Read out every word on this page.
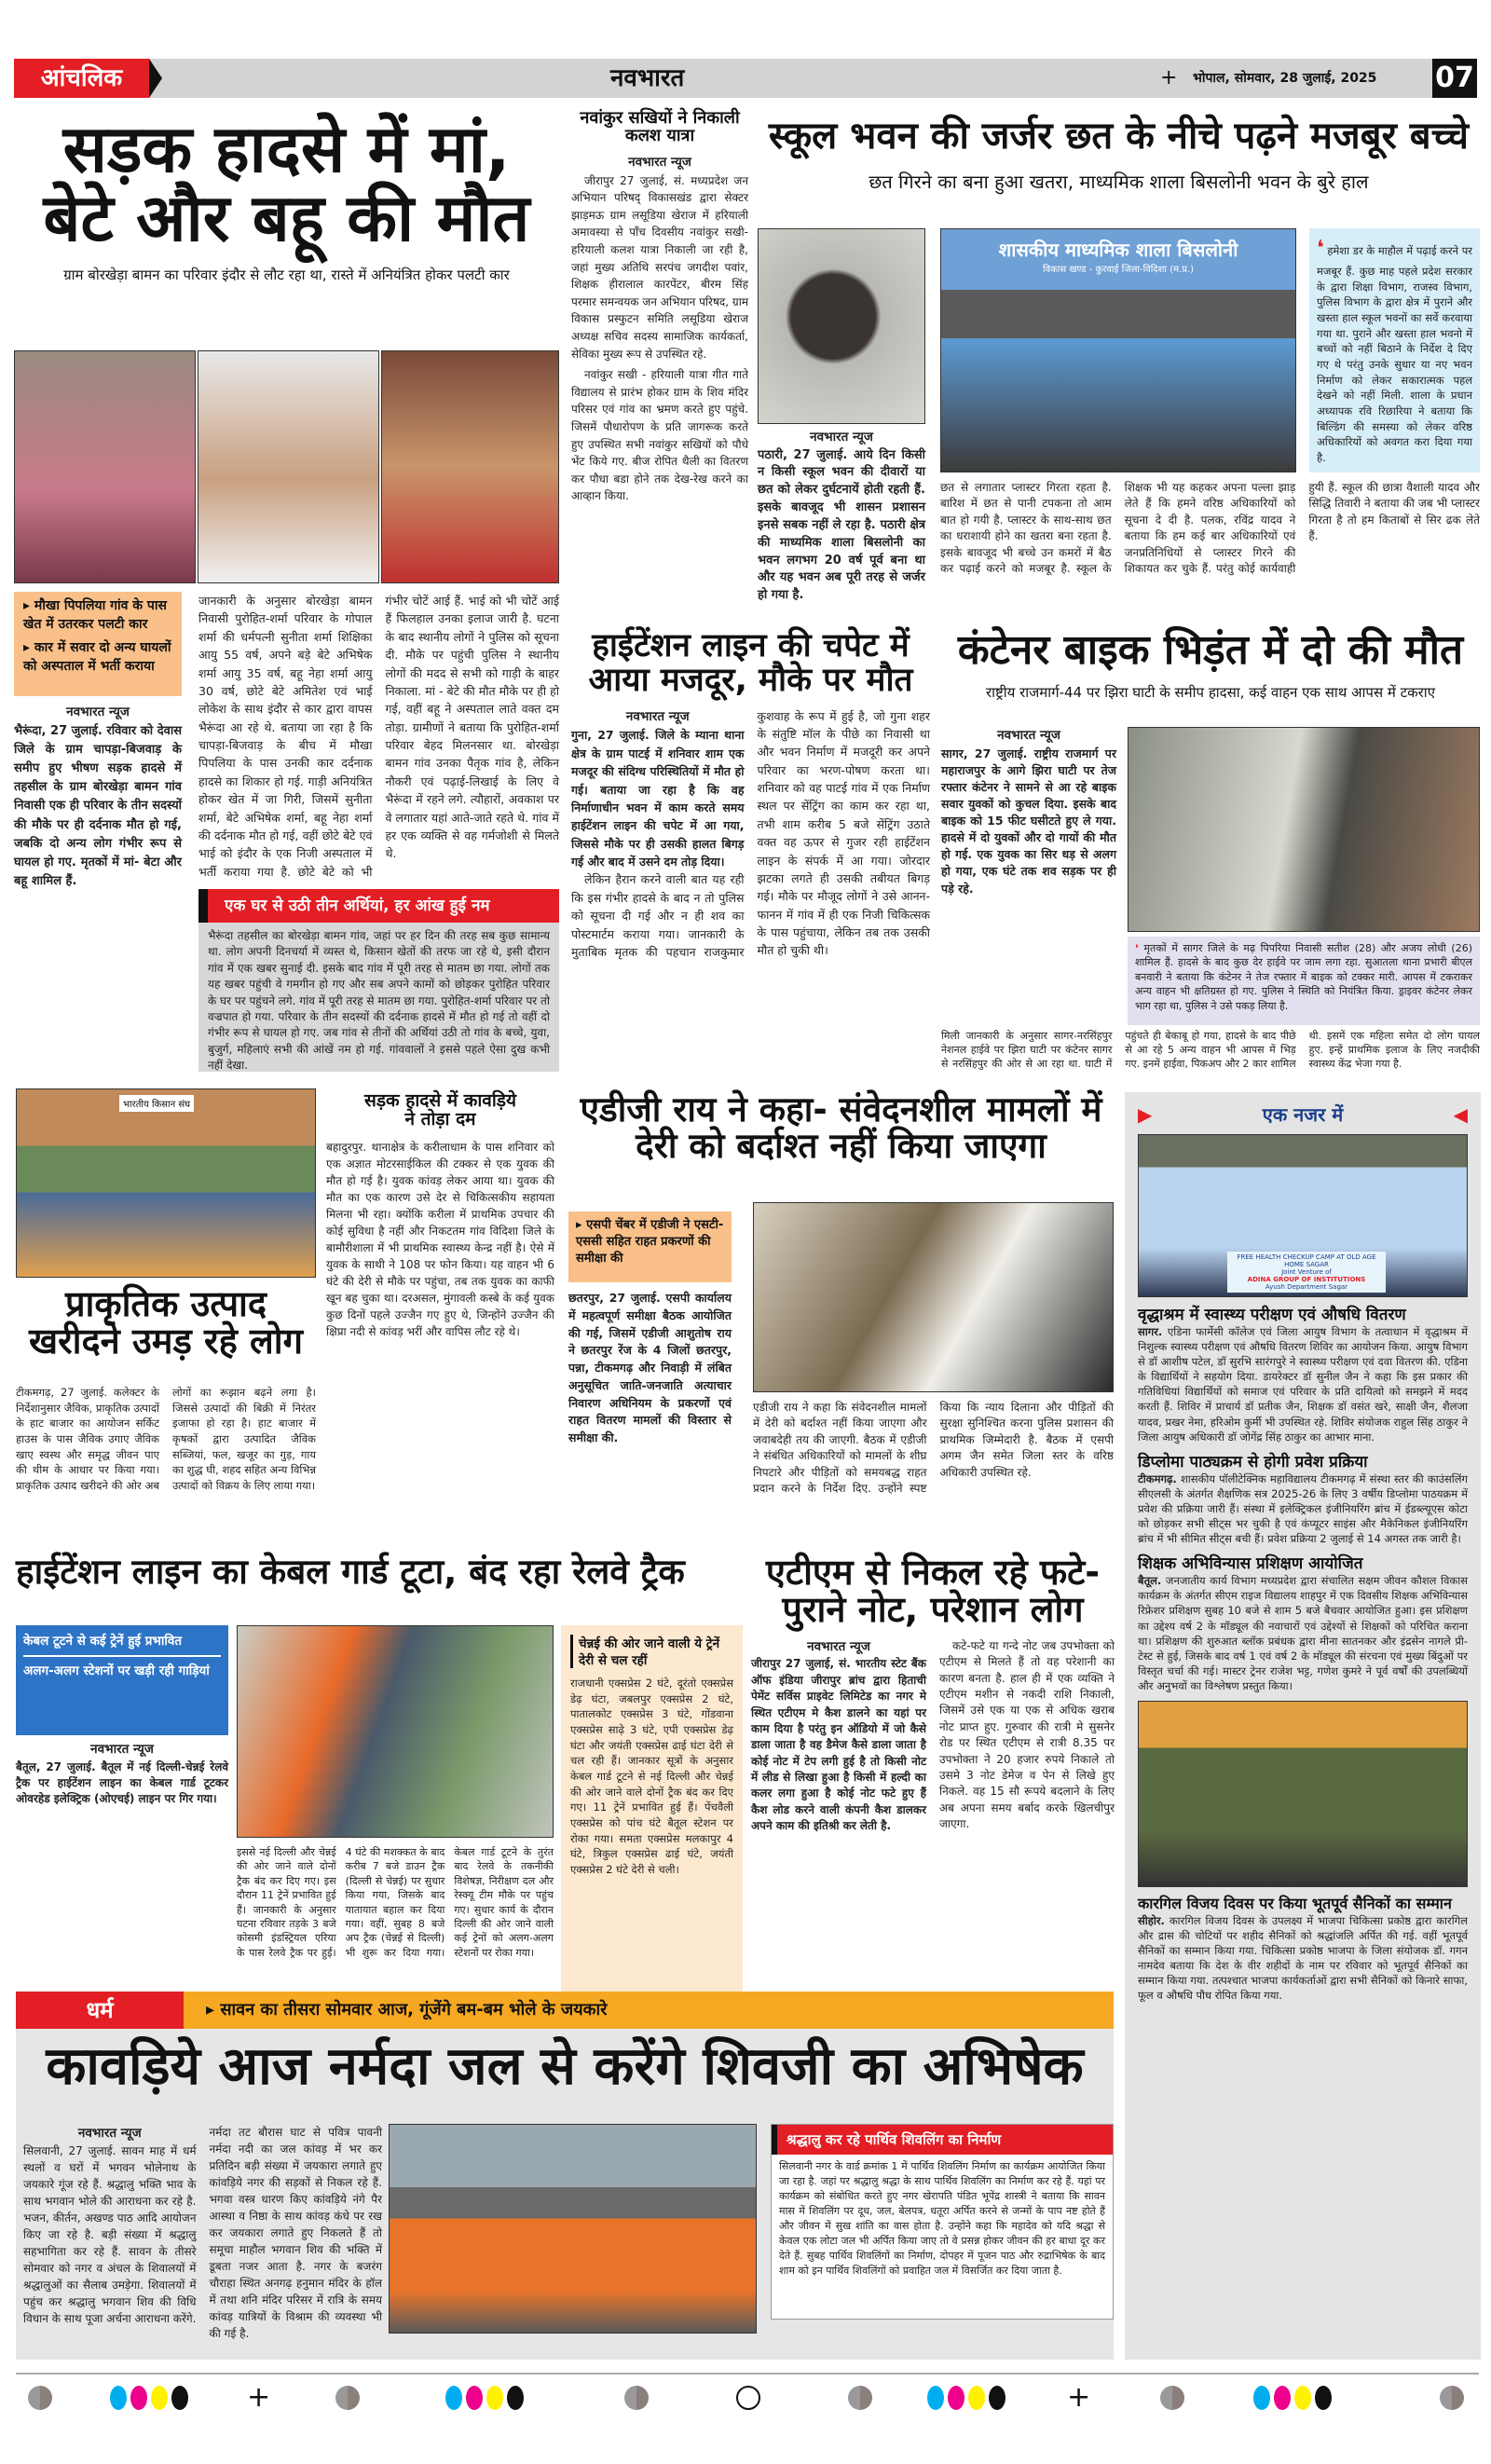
आंचलिक	नवभारत	+ भोपाल, सोमवार, 28 जुलाई, 2025 07
सड़क हादसे में मां,
बेटे और बहू की मौत
ग्राम बोरखेड़ा बामन का परिवार इंदौर से लौट रहा था, रास्ते में अनियंत्रित होकर पलटी कार
▸ मौखा पिपलिया गांव के पास खेत में उतरकर पलटी कार
▸ कार में सवार दो अन्य घायलों को अस्पताल में भर्ती कराया
नवभारत न्यूज
भैरूंदा, 27 जुलाई. रविवार को देवास जिले के ग्राम चापड़ा-बिजवाड़ के समीप हुए भीषण सड़क हादसे में तहसील के ग्राम बोरखेड़ा बामन गांव निवासी एक ही परिवार के तीन सदस्यों की मौके पर ही दर्दनाक मौत हो गई, जबकि दो अन्य लोग गंभीर रूप से घायल हो गए. मृतकों में मां- बेटा और बहू शामिल हैं.
जानकारी के अनुसार बोरखेड़ा बामन निवासी पुरोहित-शर्मा परिवार के गोपाल शर्मा की धर्मपत्नी सुनीता शर्मा शिक्षिका आयु 55 वर्ष, अपने बड़े बेटे अभिषेक शर्मा आयु 35 वर्ष, बहू नेहा शर्मा आयु 30 वर्ष, छोटे बेटे अमितेश एवं भाई लोकेश के साथ इंदौर से कार द्वारा वापस भैरूंदा आ रहे थे. बताया जा रहा है कि चापड़ा-बिजवाड़ के बीच में मौखा पिपलिया के पास उनकी कार दर्दनाक हादसे का शिकार हो गई. गाड़ी अनियंत्रित होकर खेत में जा गिरी, जिसमें सुनीता शर्मा, बेटे अभिषेक शर्मा, बहू नेहा शर्मा की दर्दनाक मौत हो गई, वहीं छोटे बेटे एवं भाई को इंदौर के एक निजी अस्पताल में भर्ती कराया गया है. छोटे बेटे को भी गंभीर चोटें आई हैं. भाई को भी चोटें आई हैं फिलहाल उनका इलाज जारी है. घटना के बाद स्थानीय लोगों ने पुलिस को सूचना दी. मौके पर पहुंची पुलिस ने स्थानीय लोगों की मदद से सभी को गाड़ी के बाहर निकाला. मां - बेटे की मौत मौके पर ही हो गई, वहीं बहू ने अस्पताल लाते वक्त दम तोड़ा. ग्रामीणों ने बताया कि पुरोहित-शर्मा परिवार बेहद मिलनसार था. बोरखेड़ा बामन गांव उनका पैतृक गांव है, लेकिन नौकरी एवं पढ़ाई-लिखाई के लिए वे भैरूंदा में रहने लगे. त्यौहारों, अवकाश पर वे लगातार यहां आते-जाते रहते थे. गांव में हर एक व्यक्ति से वह गर्मजोशी से मिलते थे.
एक घर से उठी तीन अर्थियां, हर आंख हुई नम
भैरूंदा तहसील का बोरखेड़ा बामन गांव, जहां पर हर दिन की तरह सब कुछ सामान्य था. लोग अपनी दिनचर्या में व्यस्त थे, किसान खेतों की तरफ जा रहे थे, इसी दौरान गांव में एक खबर सुनाई दी. इसके बाद गांव में पूरी तरह से मातम छा गया. लोगों तक यह खबर पहुंची वे गमगीन हो गए और सब अपने कामों को छोड़कर पुरोहित परिवार के घर पर पहुंचने लगे. गांव में पूरी तरह से मातम छा गया. पुरोहित-शर्मा परिवार पर तो वज्रपात हो गया. परिवार के तीन सदस्यों की दर्दनाक हादसे में मौत हो गई तो वहीं दो गंभीर रूप से घायल हो गए. जब गांव से तीनों की अर्थियां उठी तो गांव के बच्चे, युवा, बुजुर्ग, महिलाएं सभी की आंखें नम हो गई. गांववालों ने इससे पहले ऐसा दुख कभी नहीं देखा.
नवांकुर सखियों ने निकाली कलश यात्रा
नवभारत न्यूज

जीरापुर 27 जुलाई, सं. मध्यप्रदेश जन अभियान परिषद् विकासखंड द्वारा सेक्टर झाड़मऊ ग्राम लसूडिया खेराज में हरियाली अमावस्या से पाँच दिवसीय नवांकुर सखी- हरियाली कलश यात्रा निकाली जा रही है, जहां मुख्य अतिथि सरपंच जगदीश पवांर, शिक्षक हीरालाल कारपेंटर, बीरम सिंह परमार समन्वयक जन अभियान परिषद, ग्राम विकास प्रस्फुटन समिति लसूडिया खेराज अध्यक्ष सचिव सदस्य सामाजिक कार्यकर्ता, सेविका मुख्य रूप से उपस्थित रहे.

नवांकुर सखी - हरियाली यात्रा गीत गाते विद्यालय से प्रारंभ होकर ग्राम के शिव मंदिर परिसर एवं गांव का भ्रमण करते हुए पहुंचे. जिसमें पौधारोपण के प्रति जागरूक करते हुए उपस्थित सभी नवांकुर सखियों को पौधे भेंट किये गए. बीज रोपित थैली का वितरण कर पौधा बडा होने तक देख-रेख करने का आव्हान किया.

स्कूल भवन की जर्जर छत के नीचे पढ़ने मजबूर बच्चे
छत गिरने का बना हुआ खतरा, माध्यमिक शाला बिसलोनी भवन के बुरे हाल
शासकीय माध्यमिक शाला बिसलोनी
विकास खण्ड - कुरवाई जिला-विदिशा (म.प्र.)
❛ हमेशा डर के माहौल में पढ़ाई करने पर मजबूर हैं. कुछ माह पहले प्रदेश सरकार के द्वारा शिक्षा विभाग, राजस्व विभाग, पुलिस विभाग के द्वारा क्षेत्र में पुराने और खस्ता हाल स्कूल भवनों का सर्वे करवाया गया था. पुराने और खस्ता हाल भवनो में बच्चों को नहीं बिठाने के निर्देश दे दिए गए थे परंतु उनके सुधार या नए भवन निर्माण को लेकर सकारात्मक पहल देखने को नहीं मिली. शाला के प्रधान अध्यापक रवि रिछारिया ने बताया कि बिल्डिंग की समस्या को लेकर वरिष्ठ अधिकारियों को अवगत करा दिया गया है.
नवभारत न्यूज
पठारी, 27 जुलाई. आये दिन किसी न किसी स्कूल भवन की दीवारों या छत को लेकर दुर्घटनायें होती रहती हैं. इसके बावजूद भी शासन प्रशासन इनसे सबक नहीं ले रहा है. पठारी क्षेत्र की माध्यमिक शाला बिसलोनी का भवन लगभग 20 वर्ष पूर्व बना था और यह भवन अब पूरी तरह से जर्जर हो गया है.
छत से लगातार प्लास्टर गिरता रहता है. बारिश में छत से पानी टपकना तो आम बात हो गयी है. प्लास्टर के साथ-साथ छत का धराशायी होने का खतरा बना रहता है. इसके बावजूद भी बच्चे उन कमरों में बैठ कर पढ़ाई करने को मजबूर है. स्कूल के शिक्षक भी यह कहकर अपना पल्ला झाड़ लेते हैं कि हमने वरिष्ठ अधिकारियों को सूचना दे दी है. पलक, रविंद्र यादव ने बताया कि हम कई बार अधिकारियों एवं जनप्रतिनिधियों से प्लास्टर गिरने की शिकायत कर चुके हैं. परंतु कोई कार्यवाही हुयी हैं. स्कूल की छात्रा वैशाली यादव और सिद्धि तिवारी ने बताया की जब भी प्लास्टर गिरता है तो हम किताबों से सिर ढक लेते हैं.
हाईटेंशन लाइन की चपेट में आया मजदूर, मौके पर मौत
नवभारत न्यूज
गुना, 27 जुलाई. जिले के म्याना थाना क्षेत्र के ग्राम पाटई में शनिवार शाम एक मजदूर की संदिग्ध परिस्थितियों में मौत हो गई। बताया जा रहा है कि वह निर्माणाधीन भवन में काम करते समय हाईटेंशन लाइन की चपेट में आ गया, जिससे मौके पर ही उसकी हालत बिगड़ गई और बाद में उसने दम तोड़ दिया।

लेकिन हैरान करने वाली बात यह रही कि इस गंभीर हादसे के बाद न तो पुलिस को सूचना दी गई और न ही शव का पोस्टमार्टम कराया गया। जानकारी के मुताबिक मृतक की पहचान राजकुमार कुशवाह के रूप में हुई है, जो गुना शहर के संतुष्टि मॉल के पीछे का निवासी था और भवन निर्माण में मजदूरी कर अपने परिवार का भरण-पोषण करता था। शनिवार को वह पाटई गांव में एक निर्माण स्थल पर सेंट्रिंग का काम कर रहा था, तभी शाम करीब 5 बजे सेंट्रिंग उठाते वक्त वह ऊपर से गुजर रही हाईटेंशन लाइन के संपर्क में आ गया। जोरदार झटका लगते ही उसकी तबीयत बिगड़ गई। मौके पर मौजूद लोगों ने उसे आनन-फानन में गांव में ही एक निजी चिकित्सक के पास पहुंचाया, लेकिन तब तक उसकी मौत हो चुकी थी।

कंटेनर बाइक भिड़ंत में दो की मौत
राष्ट्रीय राजमार्ग-44 पर झिरा घाटी के समीप हादसा, कई वाहन एक साथ आपस में टकराए
नवभारत न्यूज
सागर, 27 जुलाई. राष्ट्रीय राजमार्ग पर महाराजपुर के आगे झिरा घाटी पर तेज रफ्तार कंटेनर ने सामने से आ रहे बाइक सवार युवकों को कुचल दिया. इसके बाद बाइक को 15 फीट घसीटते हुए ले गया. हादसे में दो युवकों और दो गायों की मौत हो गई. एक युवक का सिर धड़ से अलग हो गया, एक घंटे तक शव सड़क पर ही पड़े रहे.
❛ मृतकों में सागर जिले के मढ़ पिपरिया निवासी सतीश (28) और अजय लोधी (26) शामिल हैं. हादसे के बाद कुछ देर हाईवे पर जाम लगा रहा. सुआतला थाना प्रभारी बीएल बनवारी ने बताया कि कंटेनर ने तेज रफ्तार में बाइक को टक्कर मारी. आपस में टकराकर अन्य वाहन भी क्षतिग्रस्त हो गए. पुलिस ने स्थिति को नियंत्रित किया. ड्राइवर कंटेनर लेकर भाग रहा था, पुलिस ने उसे पकड़ लिया है.
मिली जानकारी के अनुसार सागर-नरसिंहपुर नेशनल हाईवे पर झिरा घाटी पर कंटेनर सागर से नरसिंहपुर की ओर से आ रहा था. घाटी में पहुंचते ही बेकाबू हो गया, हादसे के बाद पीछे से आ रहे 5 अन्य वाहन भी आपस में भिड़ गए. इनमें हाईवा, पिकअप और 2 कार शामिल थी. इसमें एक महिला समेत दो लोग घायल हुए. इन्हें प्राथमिक इलाज के लिए नजदीकी स्वास्थ्य केंद्र भेजा गया है.
भारतीय किसान संघ
प्राकृतिक उत्पाद खरीदने उमड़ रहे लोग
टीकमगढ़, 27 जुलाई. कलेक्टर के निर्देशानुसार जैविक, प्राकृतिक उत्पादों के हाट बाजार का आयोजन सर्किट हाउस के पास जैविक उगाए जैविक खाए स्वस्थ और समृद्ध जीवन पाए की थीम के आधार पर किया गया। प्राकृतिक उत्पाद खरीदने की ओर अब लोगों का रूझान बढ़ने लगा है। जिससे उत्पादों की बिक्री में निरंतर इजाफा हो रहा है। हाट बाजार में कृषकों द्वारा उत्पादित जैविक सब्जियां, फल, खजूर का गुड़, गाय का शुद्ध घी, शहद सहित अन्य विभिन्न उत्पादों को विक्रय के लिए लाया गया।
सड़क हादसे में कावड़िये ने तोड़ा दम
बहादुरपुर. थानाक्षेत्र के करीलाधाम के पास शनिवार को एक अज्ञात मोटरसाईकिल की टक्कर से एक युवक की मौत हो गई है। युवक कांवड़ लेकर आया था। युवक की मौत का एक कारण उसे देर से चिकित्सकीय सहायता मिलना भी रहा। क्योंकि करीला में प्राथमिक उपचार की कोई सुविधा है नहीं और निकटतम गांव विदिशा जिले के बामौरीशाला में भी प्राथमिक स्वास्थ्य केन्द्र नहीं है। ऐसे में युवक के साथी ने 108 पर फोन किया। यह वाहन भी 6 घंटे की देरी से मौके पर पहुंचा, तब तक युवक का काफी खून बह चुका था। दरअसल, मुंगावली कस्बे के कई युवक कुछ दिनों पहले उज्जैन गए हुए थे, जिन्होंने उज्जैन की क्षिप्रा नदी से कांवड़ भरीं और वापिस लौट रहे थे।
एडीजी राय ने कहा- संवेदनशील मामलों में देरी को बर्दाश्त नहीं किया जाएगा
▸ एसपी चेंबर में एडीजी ने एसटी-एससी सहित राहत प्रकरणों की समीक्षा की
छतरपुर, 27 जुलाई. एसपी कार्यालय में महत्वपूर्ण समीक्षा बैठक आयोजित की गई, जिसमें एडीजी आशुतोष राय ने छतरपुर रेंज के 4 जिलों छतरपुर, पन्ना, टीकमगढ़ और निवाड़ी में लंबित अनुसूचित जाति-जनजाति अत्याचार निवारण अधिनियम के प्रकरणों एवं राहत वितरण मामलों की विस्तार से समीक्षा की.
एडीजी राय ने कहा कि संवेदनशील मामलों में देरी को बर्दाश्त नहीं किया जाएगा और जवाबदेही तय की जाएगी. बैठक में एडीजी ने संबंधित अधिकारियों को मामलों के शीघ्र निपटारे और पीड़ितों को समयबद्ध राहत प्रदान करने के निर्देश दिए. उन्होंने स्पष्ट किया कि न्याय दिलाना और पीड़ितों की सुरक्षा सुनिश्चित करना पुलिस प्रशासन की प्राथमिक जिम्मेदारी है. बैठक में एसपी अगम जैन समेत जिला स्तर के वरिष्ठ अधिकारी उपस्थित रहे.
▶	एक नजर में	◀
FREE HEALTH CHECKUP CAMP AT OLD AGE HOME SAGAR
Joint Venture of
ADINA GROUP OF INSTITUTIONS
Ayush Department Sagar
वृद्धाश्रम में स्वास्थ्य परीक्षण एवं औषधि वितरण
सागर. एडिना फार्मेसी कॉलेज एवं जिला आयुष विभाग के तत्वाधान में वृद्धाश्रम में निशुल्क स्वास्थ्य परीक्षण एवं औषधि वितरण शिविर का आयोजन किया. आयुष विभाग से डॉ आशीष पटेल, डॉ सुरभि सारंगपुरे ने स्वास्थ्य परीक्षण एवं दवा वितरण की. एडिना के विद्यार्थियों ने सहयोग दिया. डायरेक्टर डॉ सुनील जैन ने कहा कि इस प्रकार की गतिविधियां विद्यार्थियों को समाज एवं परिवार के प्रति दायित्वो को समझने में मदद करती हैं. शिविर में प्राचार्य डॉ प्रतीक जैन, शिक्षक डॉ वसंत खरे, साक्षी जैन, शैलजा यादव, प्रखर नेमा, हरिओम कुर्मी भी उपस्थित रहे. शिविर संयोजक राहुल सिंह ठाकुर ने जिला आयुष अधिकारी डॉ जोगेंद्र सिंह ठाकुर का आभार माना.
डिप्लोमा पाठ्यक्रम से होगी प्रवेश प्रक्रिया
टीकमगढ़. शासकीय पॉलीटेक्निक महाविद्यालय टीकमगढ़ में संस्था स्तर की काउंसलिंग सीएलसी के अंतर्गत शैक्षणिक सत्र 2025-26 के लिए 3 वर्षीय डिप्लोमा पाठयक्रम में प्रवेश की प्रक्रिया जारी हैं। संस्था में इलेक्ट्रिकल इंजीनियरिंग ब्रांच में ईडब्ल्यूएस कोटा को छोड़कर सभी सीट्स भर चुकी है एवं कंप्यूटर साइंस और मैकेनिकल इंजीनियरिंग ब्रांच में भी सीमित सीट्स बची हैं। प्रवेश प्रक्रिया 2 जुलाई से 14 अगस्त तक जारी है।
शिक्षक अभिविन्यास प्रशिक्षण आयोजित
बैतूल. जनजातीय कार्य विभाग मध्यप्रदेश द्वारा संचालित सक्षम जीवन कौशल विकास कार्यक्रम के अंतर्गत सीएम राइज विद्यालय शाहपुर में एक दिवसीय शिक्षक अभिविन्यास रिफ्रेशर प्रशिक्षण सुबह 10 बजे से शाम 5 बजे बैचवार आयोजित हुआ। इस प्रशिक्षण का उद्देश्य वर्ष 2 के मॉड्यूल की नवाचारों एवं उद्देश्यों से शिक्षकों को परिचित कराना था। प्रशिक्षण की शुरुआत ब्लॉक प्रबंधक द्वारा मीना सातनकर और इंद्रसेन नागले प्री-टेस्ट से हुई, जिसके बाद वर्ष 1 एवं वर्ष 2 के मॉड्यूल की संरचना एवं मुख्य बिंदुओं पर विस्तृत चर्चा की गई। मास्टर ट्रेनर राजेश भट्ट, गणेश कुमरे ने पूर्व वर्षों की उपलब्धियों और अनुभवों का विश्लेषण प्रस्तुत किया।
कारगिल विजय दिवस पर किया भूतपूर्व सैनिकों का सम्मान
सीहोर. कारगिल विजय दिवस के उपलक्ष्य में भाजपा चिकित्सा प्रकोष्ठ द्वारा कारगिल और द्रास की चोटियों पर शहीद सैनिकों को श्रद्धांजलि अर्पित की गई. वहीं भूतपूर्व सैनिकों का सम्मान किया गया. चिकित्सा प्रकोष्ठ भाजपा के जिला संयोजक डॉ. गगन नामदेव बताया कि देश के वीर शहीदों के नाम पर रविवार को भूतपूर्व सैनिकों का सम्मान किया गया. तत्पश्चात भाजपा कार्यकर्ताओं द्वारा सभी सैनिकों को किनारे साफा, फूल व औषधि पौध रोपित किया गया.
हाईटेंशन लाइन का केबल गार्ड टूटा, बंद रहा रेलवे ट्रैक
केबल टूटने से कई ट्रेनें हुई प्रभावित
अलग-अलग स्टेशनों पर खड़ी रही गाड़ियां
नवभारत न्यूज
बैतूल, 27 जुलाई. बैतूल में नई दिल्ली-चेन्नई रेलवे ट्रैक पर हाईटेंशन लाइन का केबल गार्ड टूटकर ओवरहेड इलेक्ट्रिक (ओएचई) लाइन पर गिर गया।
इससे नई दिल्ली और चेन्नई की ओर जाने वाले दोनों ट्रैक बंद कर दिए गए। इस दौरान 11 ट्रेनें प्रभावित हुई हैं। जानकारी के अनुसार घटना रविवार तड़के 3 बजे कोसमी इंडस्ट्रियल एरिया के पास रेलवे ट्रैक पर हुई। 4 घंटे की मशक्कत के बाद करीब 7 बजे डाउन ट्रैक (दिल्ली से चेन्नई) पर सुधार किया गया, जिसके बाद यातायात बहाल कर दिया गया। वहीं, सुबह 8 बजे अप ट्रैक (चेन्नई से दिल्ली) भी शुरू कर दिया गया। केबल गार्ड टूटने के तुरंत बाद रेलवे के तकनीकी विशेषज्ञ, निरीक्षण दल और रेस्क्यू टीम मौके पर पहुंच गए। सुधार कार्य के दौरान दिल्ली की ओर जाने वाली कई ट्रेनों को अलग-अलग स्टेशनों पर रोका गया।
चेन्नई की ओर जाने वाली ये ट्रेनें देरी से चल रहीं
राजधानी एक्सप्रेस 2 घंटे, दूरंतो एक्सप्रेस डेढ़ घंटा, जबलपुर एक्सप्रेस 2 घंटे, पातालकोट एक्सप्रेस 3 घंटे, गोंडवाना एक्सप्रेस साढ़े 3 घंटे, एपी एक्सप्रेस डेढ़ घंटा और जयंती एक्सप्रेस ढाई घंटा देरी से चल रही हैं। जानकार सूत्रों के अनुसार केबल गार्ड टूटने से नई दिल्ली और चेन्नई की ओर जाने वाले दोनों ट्रैक बंद कर दिए गए। 11 ट्रेनें प्रभावित हुई हैं। पेंचवैली एक्सप्रेस को पांच घंटे बैतूल स्टेशन पर रोका गया। समता एक्सप्रेस मलकापुर 4 घंटे, त्रिकुल एक्सप्रेस ढाई घंटे, जयंती एक्सप्रेस 2 घंटे देरी से चली।
एटीएम से निकल रहे फटे-पुराने नोट, परेशान लोग
नवभारत न्यूज
जीरापुर 27 जुलाई, सं. भारतीय स्टेट बैंक ऑफ इंडिया जीरापुर ब्रांच द्वारा हिताची पेमेंट सर्विस प्राइवेट लिमिटेड का नगर मे स्थित एटीएम मे कैश डालने का यहां पर काम दिया है परंतु इन ऑडियो में जो कैसे डाला जाता है वह डैमेज कैसे डाला जाता है कोई नोट में टेप लगी हुई है तो किसी नोट में लीड से लिखा हुआ है किसी में हल्दी का कलर लगा हुआ है कोई नोट फटे हुए हैं कैश लोड करने वाली कंपनी कैश डालकर अपने काम की इतिश्री कर लेती है.

कटे-फटे या गन्दे नोट जब उपभोक्ता को एटीएम से मिलते हैं तो वह परेशानी का कारण बनता है. हाल ही में एक व्यक्ति ने एटीएम मशीन से नकदी राशि निकाली, जिसमें उसे एक या एक से अधिक खराब नोट प्राप्त हुए. गुरुवार की रात्री मे सुसनेर रोड पर स्थित एटीएम से रात्री 8.35 पर उपभोक्ता ने 20 हजार रुपये निकाले तो उसमे 3 नोट डेमेज व पेन से लिखे हुए निकले. वह 15 सौ रूपये बदलाने के लिए अब अपना समय बर्बाद करके खिलचीपुर जाएगा.

धर्म	▸ सावन का तीसरा सोमवार आज, गूंजेंगे बम-बम भोले के जयकारे
कावड़िये आज नर्मदा जल से करेंगे शिवजी का अभिषेक
नवभारत न्यूज
सिलवानी, 27 जुलाई. सावन माह में धर्म स्थलों व घरों में भगवन भोलेनाथ के जयकारे गूंज रहे हैं. श्रद्धालु भक्ति भाव के साथ भगवान भोले की आराधना कर रहे है. भजन, कीर्तन, अखण्ड पाठ आदि आयोजन किए जा रहे है. बड़ी संख्या में श्रद्धालु सहभागिता कर रहे हैं. सावन के तीसरे सोमवार को नगर व अंचल के शिवालयों में श्रद्धालुओं का सैलाब उमड़ेगा. शिवालयों में पहुंच कर श्रद्धालु भगवान शिव की विधि विधान के साथ पूजा अर्चना आराधना करेंगे. नर्मदा तट बौरास घाट से पवित्र पावनी नर्मदा नदी का जल कांवड़ में भर कर प्रतिदिन बड़ी संख्या में जयकारा लगाते हुए कांवड़िये नगर की सड़कों से निकल रहे हैं. भगवा वस्त्र धारण किए कांवड़िये नंगे पैर आस्था व निष्ठा के साथ कांवड़ कंधे पर रख कर जयकारा लगाते हुए निकलते हैं तो समूचा माहौल भगवान शिव की भक्ति में डूबता नजर आता है. नगर के बजरंग चौराहा स्थित अनगढ़ हनुमान मंदिर के हॉल में तथा शनि मंदिर परिसर में रात्रि के समय कांवड़ यात्रियों के विश्राम की व्यवस्था भी की गई है.
श्रद्धालु कर रहे पार्थिव शिवलिंग का निर्माण
सिलवानी नगर के वार्ड क्रमांक 1 में पार्थिव शिवलिंग निर्माण का कार्यक्रम आयोजित किया जा रहा है. जहां पर श्रद्धालु श्रद्धा के साथ पार्थिव शिवलिंग का निर्माण कर रहे हैं. यहां पर कार्यक्रम को संबोधित करते हुए नगर खेरापति पंडित भूपेंद्र शास्त्री ने बताया कि सावन मास में शिवलिंग पर दूध, जल, बेलपत्र, धतूरा अर्पित करने से जन्मों के पाप नष्ट होते हैं और जीवन में सुख शांति का वास होता है. उन्होंने कहा कि महादेव को यदि श्रद्धा से केवल एक लोटा जल भी अर्पित किया जाए तो वे प्रसन्न होकर जीवन की हर बाधा दूर कर देते हैं. सुबह पार्थिव शिवलिंगों का निर्माण, दोपहर में पूजन पाठ और रुद्राभिषेक के बाद शाम को इन पार्थिव शिवलिंगों को प्रवाहित जल में विसर्जित कर दिया जाता है.
+	+
